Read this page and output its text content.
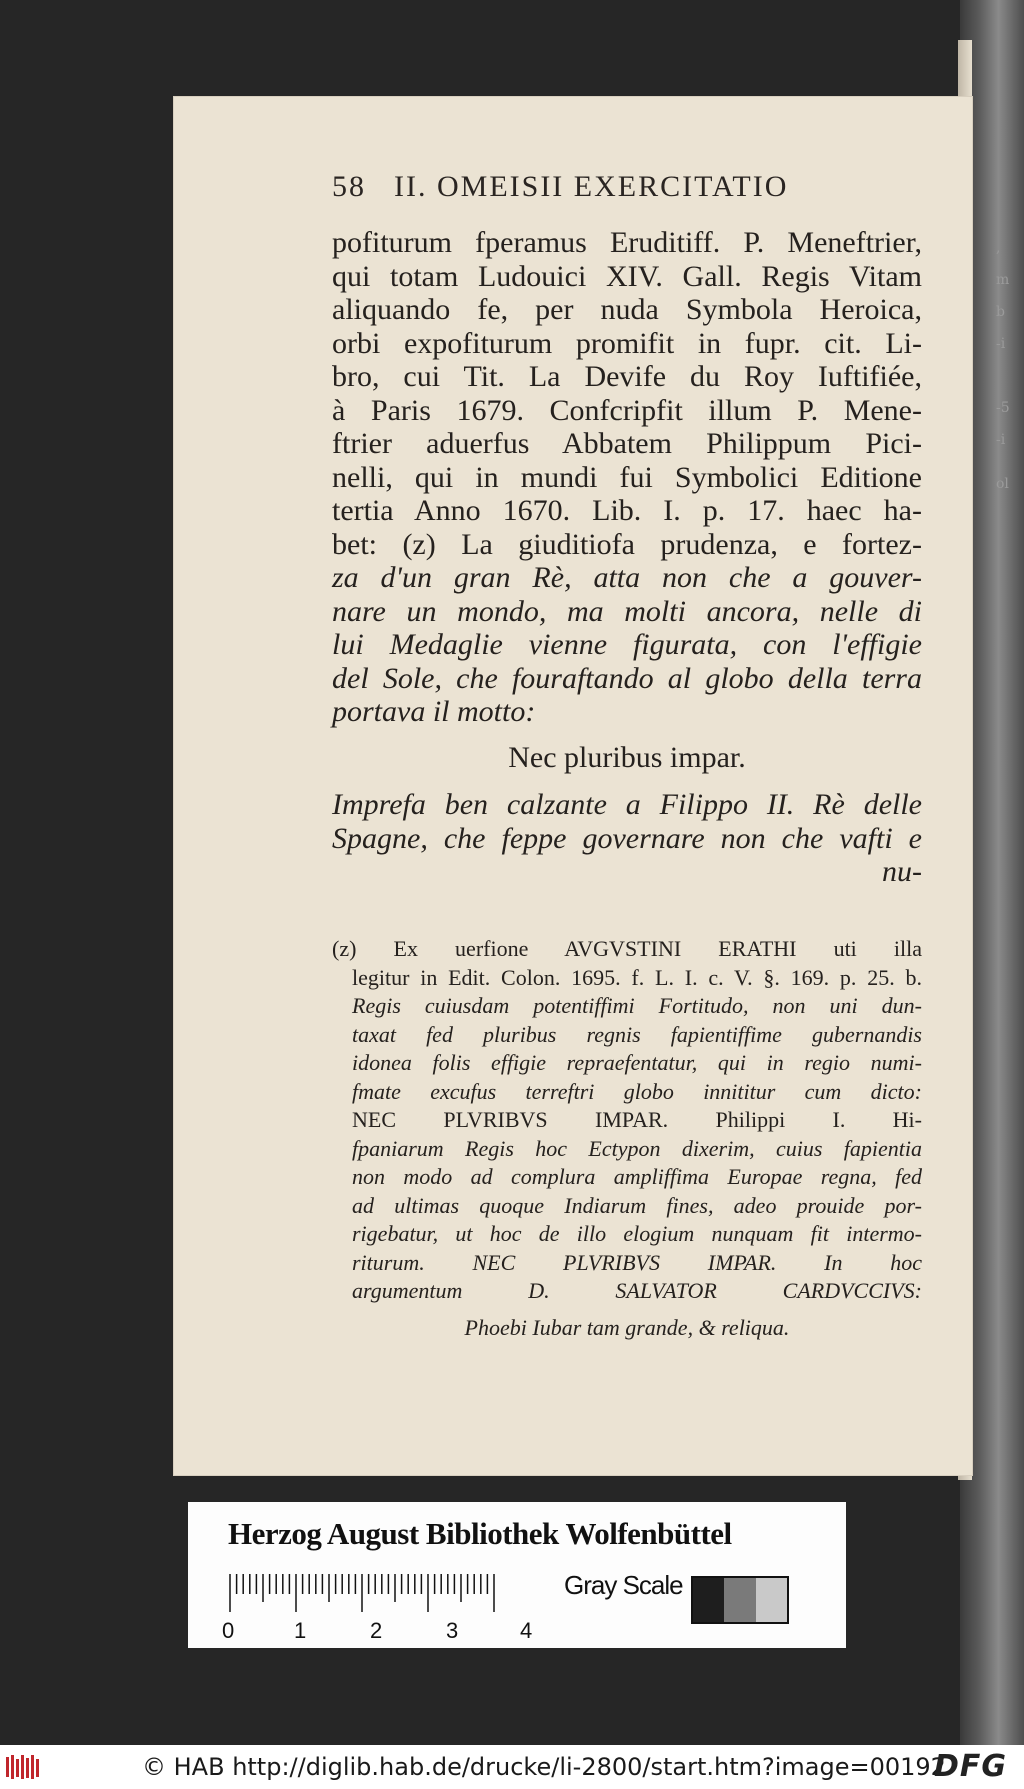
,
m
b
-i
-5
-i
ol
58 II. OMEISII EXERCITATIO
pofiturum fperamus Eruditiff. P. Meneftrier,
qui totam Ludouici XIV. Gall. Regis Vitam
aliquando fe, per nuda Symbola Heroica,
orbi expofiturum promifit in fupr. cit. Li-
bro, cui Tit. La Devife du Roy Iuftifiée,
à Paris 1679. Confcripfit illum P. Mene-
ftrier aduerfus Abbatem Philippum Pici-
nelli, qui in mundi fui Symbolici Editione
tertia Anno 1670. Lib. I. p. 17. haec ha-
bet: (z) La giuditiofa prudenza, e fortez-
za d'un gran Rè, atta non che a gouver-
nare un mondo, ma molti ancora, nelle di
lui Medaglie vienne figurata, con l'effigie
del Sole, che fouraftando al globo della terra
portava il motto:
Nec pluribus impar.
Imprefa ben calzante a Filippo II. Rè delle
Spagne, che feppe governare non che vafti e
nu-
(z) Ex uerfione AVGVSTINI ERATHI uti illa
legitur in Edit. Colon. 1695. f. L. I. c. V. §. 169. p. 25. b.
Regis cuiusdam potentiffimi Fortitudo, non uni dun-
taxat fed pluribus regnis fapientiffime gubernandis
idonea folis effigie repraefentatur, qui in regio numi-
fmate excufus terreftri globo innititur cum dicto:
NEC PLVRIBVS IMPAR. Philippi I. Hi-
fpaniarum Regis hoc Ectypon dixerim, cuius fapientia
non modo ad complura ampliffima Europae regna, fed
ad ultimas quoque Indiarum fines, adeo prouide por-
rigebatur, ut hoc de illo elogium nunquam fit intermo-
riturum. NEC PLVRIBVS IMPAR. In hoc
argumentum D. SALVATOR CARDVCCIVS:
Phoebi Iubar tam grande, & reliqua.
Herzog August Bibliothek Wolfenbüttel
0	1	2	3	4
Gray Scale
© HAB http://diglib.hab.de/drucke/li-2800/start.htm?image=00192
DFG
